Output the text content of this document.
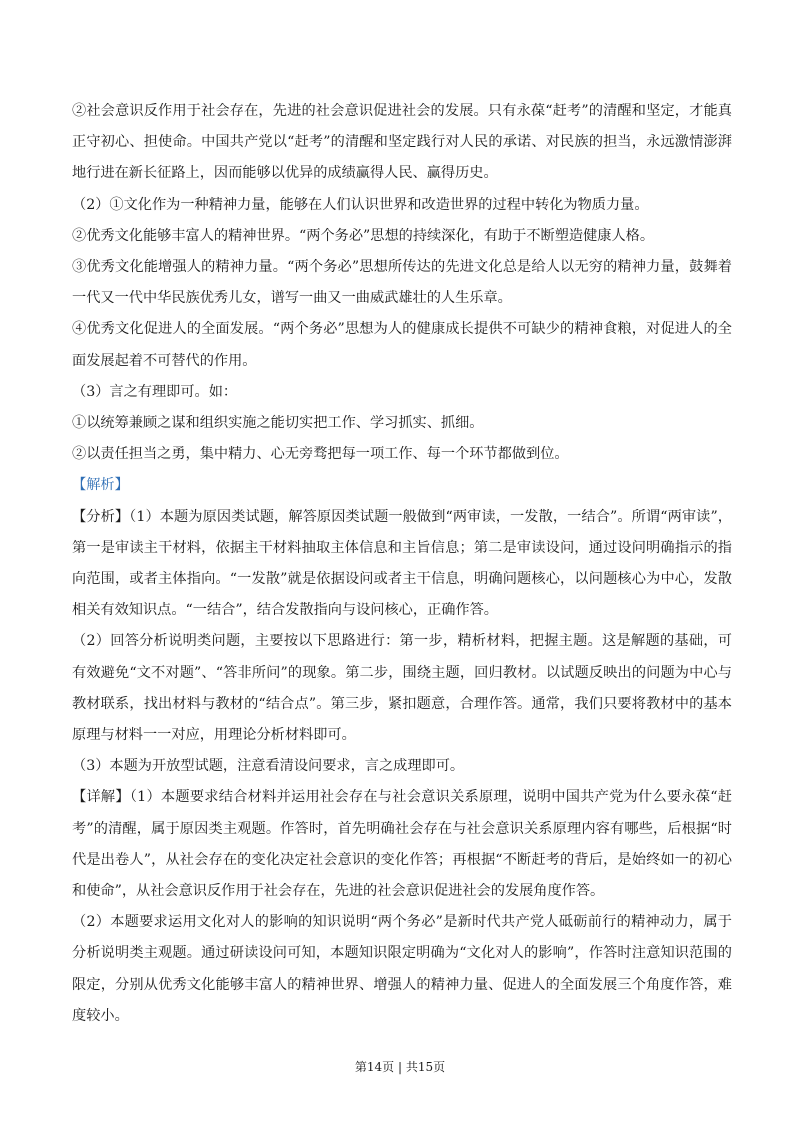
②社会意识反作用于社会存在，先进的社会意识促进社会的发展。只有永葆“赶考”的清醒和坚定，才能真正守初心、担使命。中国共产党以“赶考”的清醒和坚定践行对人民的承诺、对民族的担当，永远激情澎湃地行进在新长征路上，因而能够以优异的成绩赢得人民、赢得历史。

（2）①文化作为一种精神力量，能够在人们认识世界和改造世界的过程中转化为物质力量。

②优秀文化能够丰富人的精神世界。“两个务必”思想的持续深化，有助于不断塑造健康人格。

③优秀文化能增强人的精神力量。“两个务必”思想所传达的先进文化总是给人以无穷的精神力量，鼓舞着一代又一代中华民族优秀儿女，谱写一曲又一曲威武雄壮的人生乐章。

④优秀文化促进人的全面发展。“两个务必”思想为人的健康成长提供不可缺少的精神食粮，对促进人的全面发展起着不可替代的作用。

（3）言之有理即可。如：

①以统筹兼顾之谋和组织实施之能切实把工作、学习抓实、抓细。

②以责任担当之勇，集中精力、心无旁骛把每一项工作、每一个环节都做到位。

【解析】

【分析】（1）本题为原因类试题，解答原因类试题一般做到“两审读，一发散，一结合”。所谓“两审读”，第一是审读主干材料，依据主干材料抽取主体信息和主旨信息；第二是审读设问，通过设问明确指示的指向范围，或者主体指向。“一发散”就是依据设问或者主干信息，明确问题核心，以问题核心为中心，发散相关有效知识点。“一结合”，结合发散指向与设问核心，正确作答。

（2）回答分析说明类问题，主要按以下思路进行：第一步，精析材料，把握主题。这是解题的基础，可有效避免“文不对题”、“答非所问”的现象。第二步，围绕主题，回归教材。以试题反映出的问题为中心与教材联系，找出材料与教材的“结合点”。第三步，紧扣题意，合理作答。通常，我们只要将教材中的基本原理与材料一一对应，用理论分析材料即可。

（3）本题为开放型试题，注意看清设问要求，言之成理即可。

【详解】（1）本题要求结合材料并运用社会存在与社会意识关系原理，说明中国共产党为什么要永葆“赶考”的清醒，属于原因类主观题。作答时，首先明确社会存在与社会意识关系原理内容有哪些，后根据“时代是出卷人”，从社会存在的变化决定社会意识的变化作答；再根据“不断赶考的背后，是始终如一的初心和使命”，从社会意识反作用于社会存在，先进的社会意识促进社会的发展角度作答。

（2）本题要求运用文化对人的影响的知识说明“两个务必”是新时代共产党人砥砺前行的精神动力，属于分析说明类主观题。通过研读设问可知，本题知识限定明确为“文化对人的影响”，作答时注意知识范围的限定，分别从优秀文化能够丰富人的精神世界、增强人的精神力量、促进人的全面发展三个角度作答，难度较小。

第14页 | 共15页
